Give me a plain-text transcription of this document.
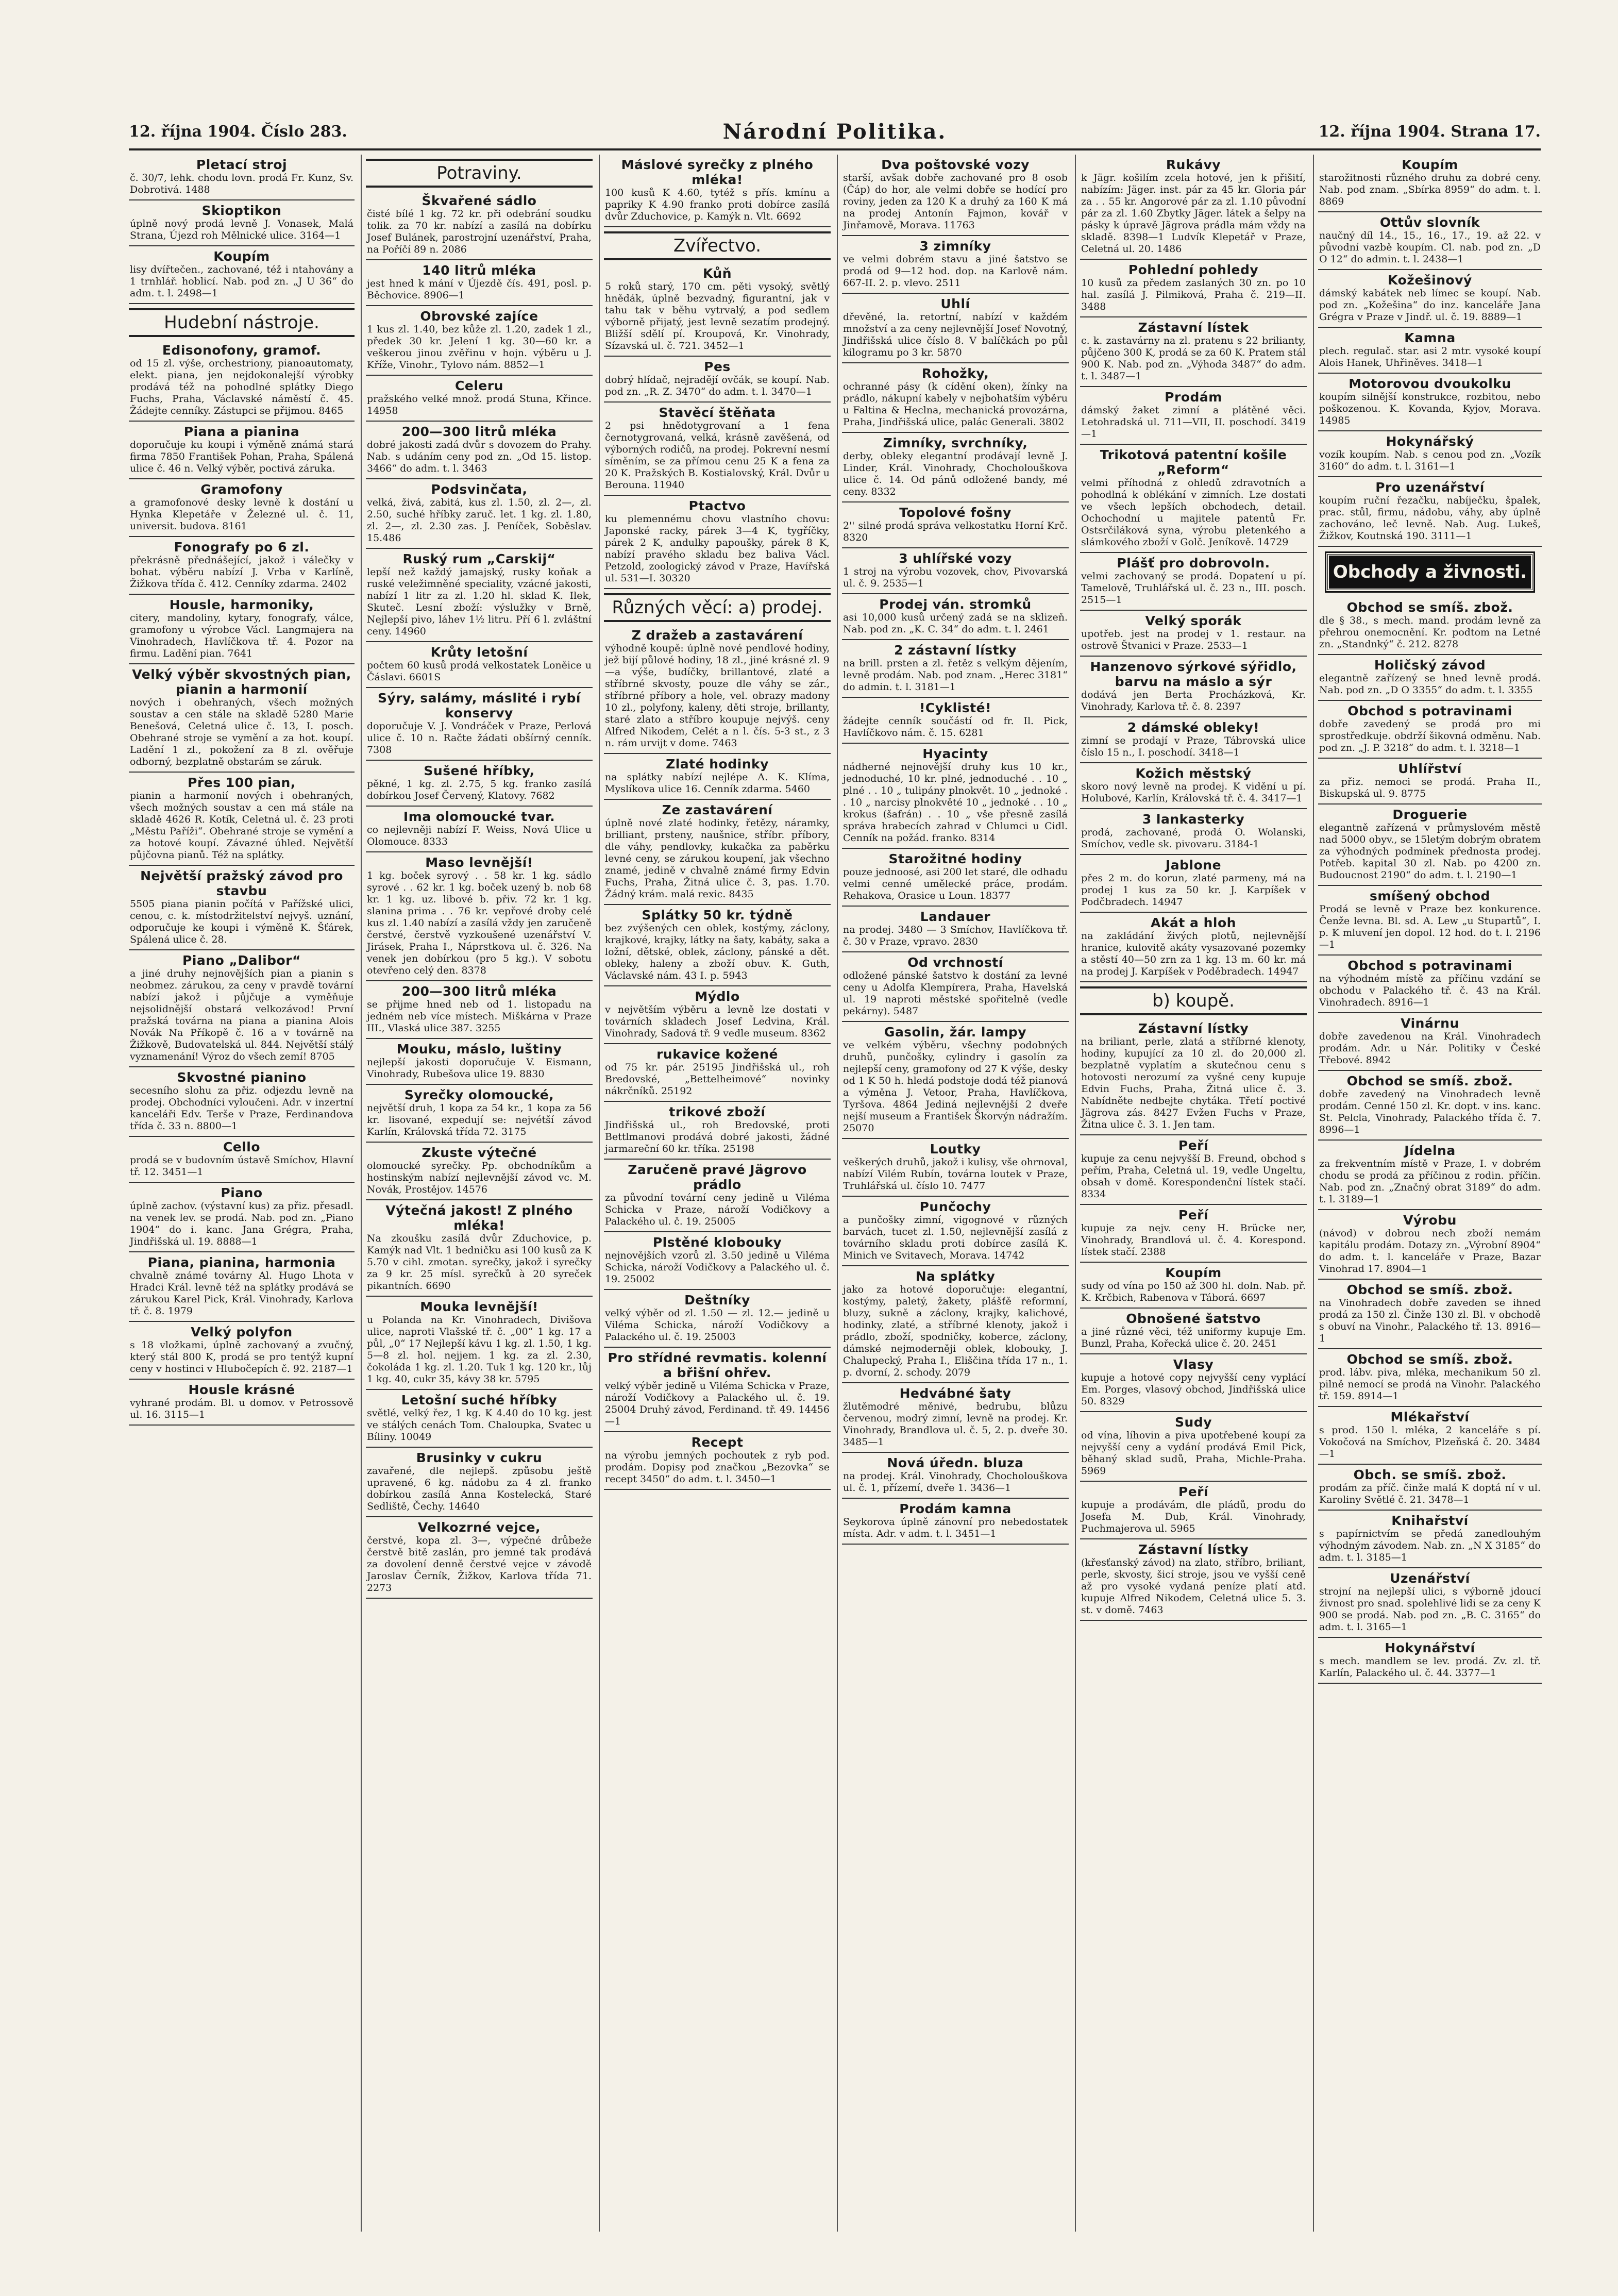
12. října 1904. Číslo 283.	Národní Politika.	12. října 1904. Strana 17.
Pletací stroj
č. 30/7, lehk. chodu lovn. prodá Fr. Kunz, Sv. Dobrotivá. 1488
Skioptikon
úplně nový prodá levně J. Vonasek, Malá Strana, Újezd roh Mělnické ulice. 3164—1
Koupím
lisy dvířtečen., zachované, též i ntahovány a 1 trnhlář. hoblicí. Nab. pod zn. „J U 36“ do adm. t. l. 2498—1
Hudební nástroje.
Edisonofony, gramof.
od 15 zl. výše, orchestriony, pianoautomaty, elekt. piana, jen nejdokonalejší výrobky prodává též na pohodlné splátky Diego Fuchs, Praha, Václavské náměstí č. 45. Žádejte cenníky. Zástupci se přijmou. 8465
Piana a pianina
doporučuje ku koupi i výměně známá stará firma 7850 František Pohan, Praha, Spálená ulice č. 46 n. Velký výběr, poctivá záruka.
Gramofony
a gramofonové desky levně k dostání u Hynka Klepetáře v Železné ul. č. 11, universit. budova. 8161
Fonografy po 6 zl.
překrásně přednášející, jakož i válečky v bohat. výběru nabízí J. Vrba v Karlíně, Žižkova třída č. 412. Cenníky zdarma. 2402
Housle, harmoniky,
citery, mandoliny, kytary, fonografy, válce, gramofony u výrobce Václ. Langmajera na Vinohradech, Havlíčkova tř. 4. Pozor na firmu. Ladění pian. 7641
Velký výběr skvostných pian, pianin a harmonií
nových i obehraných, všech možných soustav a cen stále na skladě 5280 Marie Benešová, Celetná ulice č. 13, I. posch. Obehrané stroje se vymění a za hot. koupí. Ladění 1 zl., pokožení za 8 zl. ověřuje odborný, bezplatně obstarám se záruk.
Přes 100 pian,
pianin a harmonií nových i obehraných, všech možných soustav a cen má stále na skladě 4626 R. Kotík, Celetná ul. č. 23 proti „Městu Paříži“. Obehrané stroje se vymění a za hotové koupí. Závazné úhled. Největší půjčovna pianů. Též na splátky.
Největší pražský závod pro stavbu
5505 piana pianin počítá v Pařížské ulici, cenou, c. k. místodržitelství nejvyš. uznání, odporučuje ke koupi i výměně K. Šťárek, Spálená ulice č. 28.
Piano „Dalibor“
a jiné druhy nejnovějších pian a pianin s neobmez. zárukou, za ceny v pravdě tovární nabízí jakož i půjčuje a vyměňuje nejsolidnější obstará velkozávod! První pražská továrna na piana a pianina Alois Novák Na Příkopě č. 16 a v továrně na Žižkově, Budovatelská ul. 844. Největší stálý vyznamenání! Výroz do všech zemí! 8705
Skvostné pianino
secesního slohu za přiz. odjezdu levně na prodej. Obchodníci vyloučeni. Adr. v inzertní kanceláři Edv. Terše v Praze, Ferdinandova třída č. 33 n. 8800—1
Cello
prodá se v budovním ústavě Smíchov, Hlavní tř. 12. 3451—1
Piano
úplně zachov. (výstavní kus) za přiz. přesadl. na venek lev. se prodá. Nab. pod zn. „Piano 1904“ do i. kanc. Jana Grégra, Praha, Jindřišská ul. 19. 8888—1
Piana, pianina, harmonia
chvalně známé továrny Al. Hugo Lhota v Hradci Král. levně též na splátky prodává se zárukou Karel Pick, Král. Vinohrady, Karlova tř. č. 8. 1979
Velký polyfon
s 18 vložkami, úplně zachovaný a zvučný, který stál 800 K, prodá se pro tentýž kupní ceny v hostinci v Hlubočepích č. 92. 2187—1
Housle krásné
vyhrané prodám. Bl. u domov. v Petrossově ul. 16. 3115—1
Potraviny.
Škvařené sádlo
čisté bílé 1 kg. 72 kr. při odebrání soudku tolik. za 70 kr. nabízí a zasílá na dobírku Josef Bulánek, parostrojní uzenářství, Praha, na Poříčí 89 n. 2086
140 litrů mléka
jest hned k mání v Újezdě čís. 491, posl. p. Běchovice. 8906—1
Obrovské zajíce
1 kus zl. 1.40, bez kůže zl. 1.20, zadek 1 zl., předek 30 kr. Jelení 1 kg. 30—60 kr. a veškerou jinou zvěřinu v hojn. výběru u J. Kříže, Vinohr., Tylovo nám. 8852—1
Celeru
pražského velké množ. prodá Stuna, Křince. 14958
200—300 litrů mléka
dobré jakosti zadá dvůr s dovozem do Prahy. Nab. s udáním ceny pod zn. „Od 15. listop. 3466“ do adm. t. l. 3463
Podsvinčata,
velká, živá, zabitá, kus zl. 1.50, zl. 2—, zl. 2.50, suché hříbky zaruč. let. 1 kg. zl. 1.80, zl. 2—, zl. 2.30 zas. J. Peníček, Soběslav. 15.486
Ruský rum „Carskij“
lepší než každý jamajský, rusky koňak a ruské veležimněné speciality, vzácné jakosti, nabízí 1 litr za zl. 1.20 hl. sklad K. Ilek, Skuteč. Lesní zboží: výslužky v Brně, Nejlepší pivo, láhev 1½ litru. Pří 6 l. zvláštní ceny. 14960
Krůty letošní
počtem 60 kusů prodá velkostatek Loněice u Čáslavi. 6601S
Sýry, salámy, máslité i rybí konservy
doporučuje V. J. Vondráček v Praze, Perlová ulice č. 10 n. Račte žádati obšírný cenník. 7308
Sušené hříbky,
pěkné, 1 kg. zl. 2.75, 5 kg. franko zasílá dobírkou Josef Červený, Klatovy. 7682
Ima olomoucké tvar.
co nejlevněji nabízí F. Weiss, Nová Ulice u Olomouce. 8333
Maso levnější!
1 kg. boček syrový . . 58 kr. 1 kg. sádlo syrové . . 62 kr. 1 kg. boček uzený b. nob 68 kr. 1 kg. uz. libové b. přiv. 72 kr. 1 kg. slanina prima . . 76 kr. vepřové droby celé kus zl. 1.40 nabízí a zasílá vždy jen zaručeně čerstvé, čerstvě vyzkoušené uzenářství V. Jirásek, Praha I., Náprstkova ul. č. 326. Na venek jen dobírkou (pro 5 kg.). V sobotu otevřeno celý den. 8378
200—300 litrů mléka
se přijme hned neb od 1. listopadu na jedném neb více místech. Miškárna v Praze III., Vlaská ulice 387. 3255
Mouku, máslo, luštiny
nejlepší jakosti doporučuje V. Eismann, Vinohrady, Rubešova ulice 19. 8830
Syrečky olomoucké,
největší druh, 1 kopa za 54 kr., 1 kopa za 56 kr. lisované, expedují se: nejvétší závod Karlín, Královská třída 72. 3175
Zkuste výtečné
olomoucké syrečky. Pp. obchodníkům a hostinským nabízí nejlevnější závod vc. M. Novák, Prostějov. 14576
Výtečná jakost! Z plného mléka!
Na zkoušku zasílá dvůr Zduchovice, p. Kamýk nad Vlt. 1 bedničku asi 100 kusů za K 5.70 v cihl. zmotan. syrečky, jakož i syrečky za 9 kr. 25 mísl. syrečků à 20 syreček pikantních. 6690
Mouka levnější!
u Polanda na Kr. Vinohradech, Divišova ulice, naproti Vlašské tř. č. „00“ 1 kg. 17 a půl, „0“ 17 Nejlepší kávu 1 kg. zl. 1.50, 1 kg. 5—8 zl. hol. nejjem. 1 kg. za zl. 2.30, čokoláda 1 kg. zl. 1.20. Tuk 1 kg. 120 kr., lůj 1 kg. 40, cukr 35, kávy 38 kr. 5795
Letošní suché hříbky
světlé, velký řez, 1 kg. K 4.40 do 10 kg. jest ve stálých cenách Tom. Chaloupka, Svatec u Bíliny. 10049
Brusinky v cukru
zavařené, dle nejlepš. způsobu ještě upravené, 6 kg. nádobu za 4 zl. franko dobírkou zasílá Anna Kostelecká, Staré Sedliště, Čechy. 14640
Velkozrné vejce,
čerstvé, kopa zl. 3—, výpečné drůbeže čerstvě bitě zaslán, pro jemné tak prodává za dovolení denně čerstvé vejce v závodě Jaroslav Černík, Žižkov, Karlova třída 71. 2273
Máslové syrečky z plného mléka!
100 kusů K 4.60, tytéž s přís. kmínu a papriky K 4.90 franko proti dobírce zasílá dvůr Zduchovice, p. Kamýk n. Vlt. 6692
Zvířectvo.
Kůň
5 roků starý, 170 cm. pěti vysoký, světlý hnědák, úplně bezvadný, figurantní, jak v tahu tak v běhu vytrvalý, a pod sedlem výborně přijatý, jest levně sezatím prodejný. Bližší sdělí pí. Kroupová, Kr. Vinohrady, Sízavská ul. č. 721. 3452—1
Pes
dobrý hlídač, nejradějí ovčák, se koupí. Nab. pod zn. „R. Z. 3470“ do adm. t. l. 3470—1
Stavěcí štěňata
2 psi hnědotygrovaní a 1 fena černotygrovaná, velká, krásně zavěšená, od výborných rodičů, na prodej. Pokrevní nesmí síměním, se za přímou cenu 25 K a fena za 20 K. Pražských B. Kostialovský, Král. Dvůr u Berouna. 11940
Ptactvo
ku plemennému chovu vlastního chovu: Japonské racky, párek 3—4 K, tygříčky, párek 2 K, andulky papoušky, párek 8 K, nabízí pravého skladu bez baliva Václ. Petzold, zoologický závod v Praze, Havířská ul. 531—I. 30320
Různých věcí: a) prodej.
Z dražeb a zastavárení
výhodně koupě: úplně nové pendlové hodiny, jež bijí půlové hodiny, 18 zl., jiné krásné zl. 9—a výše, budíčky, brillantové, zlaté a stříbrné skvosty, pouze dle váhy se zár., stříbrné příbory a hole, vel. obrazy madony 10 zl., polyfony, kaleny, děti stroje, brillanty, staré zlato a stříbro koupuje nejvýš. ceny Alfred Nikodem, Celét a n l. čís. 5-3 st., z 3 n. rám urvijt v dome. 7463
Zlaté hodinky
na splátky nabízí nejlépe A. K. Klíma, Myslíkova ulice 16. Cenník zdarma. 5460
Ze zastavárení
úplně nové zlaté hodinky, řetězy, náramky, brilliant, prsteny, naušnice, stříbr. příbory, dle váhy, pendlovky, kukačka za paběrku levné ceny, se zárukou koupení, jak všechno znamé, jedině v chvalně známé firmy Edvin Fuchs, Praha, Žitná ulice č. 3, pas. 1.70. Žádný krám. malá rexic. 8435
Splátky 50 kr. týdně
bez zvýšených cen oblek, kostýmy, záclony, krajkové, krajky, látky na šaty, kabáty, saka a ložní, dětské, oblek, záclony, pánské a dět. obleky, haleny a zboží obuv. K. Guth, Václavské nám. 43 I. p. 5943
Mýdlo
v největším výběru a levně lze dostati v továrních skladech Josef Ledvina, Král. Vinohrady, Sadová tř. 9 vedle museum. 8362
rukavice kožené
od 75 kr. pár. 25195 Jindřišská ul., roh Bredovské, „Bettelheimové“ novinky nákrčníků. 25192
trikové zboží
Jindřišská ul., roh Bredovské, proti Bettlmanovi prodává dobré jakosti, žádné jarmareční 60 kr. tříka. 25198
Zaručeně pravé Jägrovo prádlo
za původní tovární ceny jedině u Viléma Schicka v Praze, nároží Vodičkovy a Palackého ul. č. 19. 25005
Plstěné klobouky
nejnovějších vzorů zl. 3.50 jedině u Viléma Schicka, nároží Vodičkovy a Palackého ul. č. 19. 25002
Deštníky
velký výběr od zl. 1.50 — zl. 12.— jedině u Viléma Schicka, nároží Vodičkovy a Palackého ul. č. 19. 25003
Pro střídné revmatis. kolenní a břišní ohřev.
velký výběr jedině u Viléma Schicka v Praze, nároží Vodičkovy a Palackého ul. č. 19. 25004 Druhý závod, Ferdinand. tř. 49. 14456—1
Recept
na výrobu jemných pochoutek z ryb pod. prodám. Dopisy pod značkou „Bezovka“ se recept 3450“ do adm. t. l. 3450—1
Dva poštovské vozy
starší, avšak dobře zachované pro 8 osob (Čáp) do hor, ale velmi dobře se hodící pro roviny, jeden za 120 K a druhý za 160 K má na prodej Antonín Fajmon, kovář v Jinřamově, Morava. 11763
3 zimníky
ve velmi dobrém stavu a jiné šatstvo se prodá od 9—12 hod. dop. na Karlově nám. 667-II. 2. p. vlevo. 2511
Uhlí
dřevěné, la. retortní, nabízí v každém množství a za ceny nejlevnější Josef Novotný, Jindřišská ulice číslo 8. V balíčkách po půl kilogramu po 3 kr. 5870
Rohožky,
ochranné pásy (k cídění oken), žínky na prádlo, nákupní kabely v nejbohatším výběru u Faltina & Heclna, mechanická provozárna, Praha, Jindřišská ulice, palác Generali. 3802
Zimníky, svrchníky,
derby, obleky elegantní prodávají levně J. Linder, Král. Vinohrady, Chocholouškova ulice č. 14. Od pánů odložené bandy, mé ceny. 8332
Topolové fošny
2'' silné prodá správa velkostatku Horní Krč. 8320
3 uhlířské vozy
1 stroj na výrobu vozovek, chov, Pivovarská ul. č. 9. 2535—1
Prodej ván. stromků
asi 10,000 kusů určený zadá se na sklizeň. Nab. pod zn. „K. C. 34“ do adm. t. l. 2461
2 zástavní lístky
na brill. prsten a zl. řetěz s velkým dějením, levně prodám. Nab. pod znam. „Herec 3181“ do admin. t. l. 3181—1
!Cyklisté!
žádejte cenník součástí od fr. Il. Pick, Havlíčkovo nám. č. 15. 6281
Hyacinty
nádherné nejnovější druhy kus 10 kr., jednoduché, 10 kr. plné, jednoduché . . 10 „ plné . . 10 „ tulipány plnokvět. 10 „ jednoké . . 10 „ narcisy plnokvěté 10 „ jednoké . . 10 „ krokus (šafrán) . . 10 „ vše přesně zasílá správa hrabecích zahrad v Chlumci u Cidl. Cenník na požád. franko. 8314
Starožitné hodiny
pouze jednoosé, asi 200 let staré, dle odhadu velmi cenné umělecké práce, prodám. Rehakova, Orasice u Loun. 18377
Landauer
na prodej. 3480 — 3 Smíchov, Havlíčkova tř. č. 30 v Praze, vpravo. 2830
Od vrchností
odložené pánské šatstvo k dostání za levné ceny u Adolfa Klempírera, Praha, Havelská ul. 19 naproti městské spořitelně (vedle pekárny). 5487
Gasolin, žár. lampy
ve velkém výběru, všechny podobných druhů, punčošky, cylindry i gasolín za nejlepší ceny, gramofony od 27 K výše, desky od 1 K 50 h. hledá podstoje dodá též pianová a výměna J. Vetoor, Praha, Havlíčkova, Tyršova. 4864 Jediná nejlevnější 2 dveře nejší museum a František Škorvýn nádražím. 25070
Loutky
veškerých druhů, jakož i kulisy, vše ohrnoval, nabízí Vilém Rubín, továrna loutek v Praze, Truhlářská ul. číslo 10. 7477
Punčochy
a punčošky zimní, vigognové v různých barvách, tucet zl. 1.50, nejlevnější zasílá z továrního skladu proti dobírce zasílá K. Minich ve Svitavech, Morava. 14742
Na splátky
jako za hotové doporučuje: elegantní, kostýmy, paletý, žakety, plášťě reformní, bluzy, sukně a záclony, krajky, kalichové, hodinky, zlaté, a stříbrné klenoty, jakož i prádlo, zboží, spodničky, koberce, záclony, dámské nejmoderněji oblek, klobouky, J. Chalupecký, Praha I., Eliščina třída 17 n., 1. p. dvorní, 2. schody. 2079
Hedvábné šaty
žlutěmodré měnivé, bedrubu, blůzu červenou, modrý zimní, levně na prodej. Kr. Vinohrady, Brandlova ul. č. 5, 2. p. dveře 30. 3485—1
Nová úředn. bluza
na prodej. Král. Vinohrady, Chocholouškova ul. č. 1, přízemí, dveře 1. 3436—1
Prodám kamna
Seykorova úplně zánovní pro nebedostatek místa. Adr. v adm. t. l. 3451—1
Rukávy
k Jägr. košilím zcela hotové, jen k přišití, nabízím: Jäger. inst. pár za 45 kr. Gloria pár za . . 55 kr. Angorové pár za zl. 1.10 původní pár za zl. 1.60 Zbytky Jäger. látek a šelpy na pásky k úpravě Jägrova prádla mám vždy na skladě. 8398—1 Ludvík Klepetář v Praze, Celetná ul. 20. 1486
Pohlední pohledy
10 kusů za předem zaslaných 30 zn. po 10 hal. zasílá J. Pilmiková, Praha č. 219—II. 3488
Zástavní lístek
c. k. zastavárny na zl. pratenu s 22 brilianty, půjčeno 300 K, prodá se za 60 K. Pratem stál 900 K. Nab. pod zn. „Výhoda 3487“ do adm. t. l. 3487—1
Prodám
dámský žaket zimní a plátěné věci. Letohradská ul. 711—VII, II. poschodí. 3419—1
Trikotová patentní košile „Reform“
velmi příhodná z ohledů zdravotních a pohodlná k oblékání v zimních. Lze dostati ve všech lepších obchodech, detail. Ochochodní u majitele patentů Fr. Ostsrčiláková syna, výrobu pletenkého a slámkového zboží v Golč. Jeníkově. 14729
Plášť pro dobrovoln.
velmi zachovaný se prodá. Dopatení u pí. Tamelově, Truhlářská ul. č. 23 n., III. posch. 2515—1
Velký sporák
upotřeb. jest na prodej v 1. restaur. na ostrově Štvanici v Praze. 2533—1
Hanzenovo sýrkové sýřidlo, barvu na máslo a sýr
dodává jen Berta Procházková, Kr. Vinohrady, Karlova tř. č. 8. 2397
2 dámské obleky!
zimní se prodají v Praze, Tábrovská ulice číslo 15 n., I. poschodí. 3418—1
Kožich městský
skoro nový levně na prodej. K vidění u pí. Holubové, Karlín, Královská tř. č. 4. 3417—1
3 lankasterky
prodá, zachované, prodá O. Wolanski, Smíchov, vedle sk. pivovaru. 3184-1
Jablone
přes 2 m. do korun, zlaté parmeny, má na prodej 1 kus za 50 kr. J. Karpíšek v Podčbradech. 14947
Akát a hloh
na zakládání živých plotů, nejlevnější hranice, kulovitě akáty vysazované pozemky a stěstí 40—50 zrn za 1 kg. 13 m. 60 kr. má na prodej J. Karpíšek v Poděbradech. 14947
b) koupě.
Zástavní lístky
na briliant, perle, zlatá a stříbrné klenoty, hodiny, kupující za 10 zl. do 20,000 zl. bezplatně vyplatím a skutečnou cenu s hotovosti nerozumí za vyšné ceny kupuje Edvin Fuchs, Praha, Žitná ulice č. 3. Nabídněte nedbejte chytáka. Třetí poctivé Jägrova zás. 8427 Evžen Fuchs v Praze, Žitna ulice č. 3. 1. Jen tam.
Peří
kupuje za cenu nejvyšší B. Freund, obchod s peřím, Praha, Celetná ul. 19, vedle Ungeltu, obsah v domě. Korespondenční lístek stačí. 8334
Peří
kupuje za nejv. ceny H. Brücke ner, Vinohrady, Brandlová ul. č. 4. Korespond. lístek stačí. 2388
Koupím
sudy od vína po 150 až 300 hl. doln. Nab. př. K. Krčbich, Rabenova v Táborá. 6697
Obnošené šatstvo
a jiné různé věci, též uniformy kupuje Em. Bunzl, Praha, Kořecká ulice č. 20. 2451
Vlasy
kupuje a hotové copy nejvyšší ceny vyplácí Em. Porges, vlasový obchod, Jindřišská ulice 50. 8329
Sudy
od vína, líhovin a piva upotřebené koupí za nejvyšší ceny a vydání prodává Emil Pick, běhaný sklad sudů, Praha, Michle-Praha. 5969
Peří
kupuje a prodávám, dle pládů, produ do Josefa M. Dub, Král. Vinohrady, Puchmajerova ul. 5965
Zástavní lístky
(křesťanský závod) na zlato, stříbro, briliant, perle, skvosty, šicí stroje, jsou ve vyšší ceně až pro vysoké vydaná peníze platí atd. kupuje Alfred Nikodem, Celetná ulice 5. 3. st. v domě. 7463
Koupím
starožitnosti různého druhu za dobré ceny. Nab. pod znam. „Sbírka 8959“ do adm. t. l. 8869
Ottův slovník
naučný díl 14., 15., 16., 17., 19. až 22. v původní vazbě koupím. Cl. nab. pod zn. „D O 12“ do admin. t. l. 2438—1
Kožešinový
dámský kabátek neb límec se koupí. Nab. pod zn. „Kožešina“ do inz. kanceláře Jana Grégra v Praze v Jindř. ul. č. 19. 8889—1
Kamna
plech. regulač. star. asi 2 mtr. vysoké koupí Alois Hanek, Uhřiněves. 3418—1
Motorovou dvoukolku
koupím silnější konstrukce, rozbitou, nebo poškozenou. K. Kovanda, Kyjov, Morava. 14985
Hokynářský
vozík koupím. Nab. s cenou pod zn. „Vozík 3160“ do adm. t. l. 3161—1
Pro uzenářství
koupím ruční řezačku, nabíječku, špalek, prac. stůl, firmu, nádobu, váhy, aby úplně zachováno, leč levně. Nab. Aug. Lukeš, Žižkov, Koutnská 190. 3111—1
Obchody a živnosti.
Obchod se smíš. zbož.
dle § 38., s mech. mand. prodám levně za přehrou onemocnění. Kr. podtom na Letné zn. „Standnký“ č. 212. 8278
Holičský závod
elegantně zařízený se hned levně prodá. Nab. pod zn. „D O 3355“ do adm. t. l. 3355
Obchod s potravinami
dobře zavedený se prodá pro mi sprostředkuje. obdrží šikovná odměnu. Nab. pod zn. „J. P. 3218“ do adm. t. l. 3218—1
Uhlířství
za přiz. nemoci se prodá. Praha II., Biskupská ul. 9. 8775
Droguerie
elegantně zařízená v průmyslovém městě nad 5000 obyv., se 15letým dobrým obratem za výhodných podmínek přednosta prodej. Potřeb. kapital 30 zl. Nab. po 4200 zn. Budoucnost 2190“ do adm. t. l. 2190—1
smíšený obchod
Prodá se levně v Praze bez konkurence. Čenže levna. Bl. sd. A. Lew „u Stupartů“, I. p. K mluvení jen dopol. 12 hod. do t. l. 2196—1
Obchod s potravinami
na výhodném místě za příčinu vzdání se obchodu v Palackého tř. č. 43 na Král. Vinohradech. 8916—1
Vinárnu
dobře zavedenou na Král. Vinohradech prodám. Adr. u Nár. Politiky v České Třebové. 8942
Obchod se smíš. zbož.
dobře zavedený na Vinohradech levně prodám. Cenné 150 zl. Kr. dopt. v ins. kanc. St. Pelcla, Vinohrady, Palackého třída č. 7. 8996—1
Jídelna
za frekventním místě v Praze, I. v dobrém chodu se prodá za příčinou z rodin. příčin. Nab. pod zn. „Značný obrat 3189“ do adm. t. l. 3189—1
Výrobu
(návod) v dobrou nech zboží nemám kapitálu prodám. Dotazy zn. „Výrobní 8904“ do adm. t. l. kanceláře v Praze, Bazar Vinohrad 17. 8904—1
Obchod se smíš. zbož.
na Vinohradech dobře zaveden se ihned prodá za 150 zl. Činže 130 zl. Bl. v obchodě s obuví na Vinohr., Palackého tř. 13. 8916—1
Obchod se smíš. zbož.
prod. lábv. piva, mléka, mechanikum 50 zl. pilně nemocí se prodá na Vinohr. Palackého tř. 159. 8914—1
Mlékařství
s prod. 150 l. mléka, 2 kanceláře s pí. Vokočová na Smíchov, Plzeňská č. 20. 3484—1
Obch. se smíš. zbož.
prodám za příč. činže malá K doptá ní v ul. Karoliny Světlé č. 21. 3478—1
Knihařství
s papírnictvím se předá zanedlouhým výhodným závodem. Nab. zn. „N X 3185“ do adm. t. l. 3185—1
Uzenářství
strojní na nejlepší ulici, s výborně jdoucí živnost pro snad. spolehlivé lidi se za ceny K 900 se prodá. Nab. pod zn. „B. C. 3165“ do adm. t. l. 3165—1
Hokynářství
s mech. mandlem se lev. prodá. Zv. zl. tř. Karlín, Palackého ul. č. 44. 3377—1
